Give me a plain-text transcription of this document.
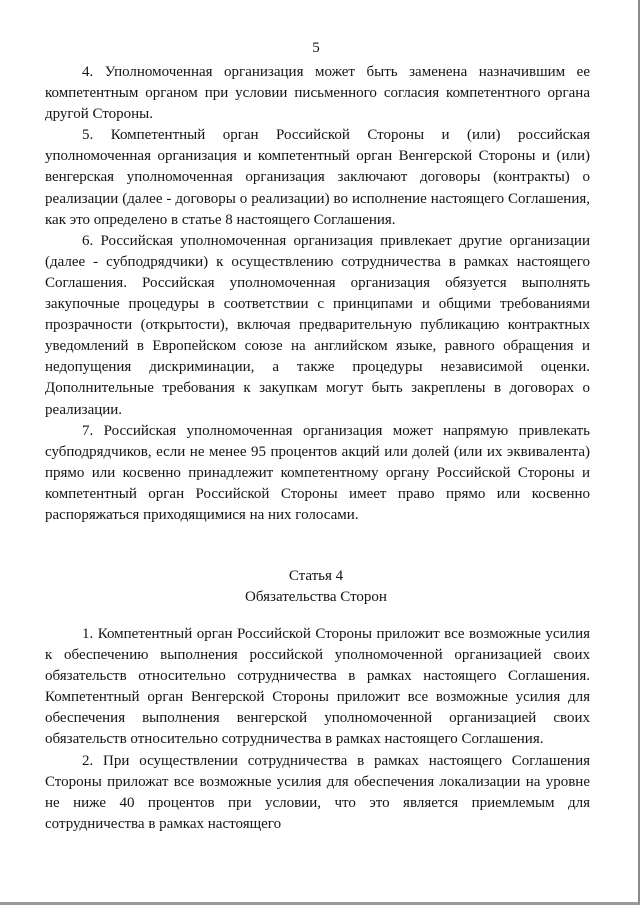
5

4. Уполномоченная организация может быть заменена назначившим ее компетентным органом при условии письменного согласия компетентного органа другой Стороны.

5. Компетентный орган Российской Стороны и (или) российская уполномоченная организация и компетентный орган Венгерской Стороны и (или) венгерская уполномоченная организация заключают договоры (контракты) о реализации (далее - договоры о реализации) во исполнение настоящего Соглашения, как это определено в статье 8 настоящего Соглашения.

6. Российская уполномоченная организация привлекает другие организации (далее - субподрядчики) к осуществлению сотрудничества в рамках настоящего Соглашения. Российская уполномоченная организация обязуется выполнять закупочные процедуры в соответствии с принципами и общими требованиями прозрачности (открытости), включая предварительную публикацию контрактных уведомлений в Европейском союзе на английском языке, равного обращения и недопущения дискриминации, а также процедуры независимой оценки. Дополнительные требования к закупкам могут быть закреплены в договорах о реализации.

7. Российская уполномоченная организация может напрямую привлекать субподрядчиков, если не менее 95 процентов акций или долей (или их эквивалента) прямо или косвенно принадлежит компетентному органу Российской Стороны и компетентный орган Российской Стороны имеет право прямо или косвенно распоряжаться приходящимися на них голосами.

Статья 4
Обязательства Сторон

1. Компетентный орган Российской Стороны приложит все возможные усилия к обеспечению выполнения российской уполномоченной организацией своих обязательств относительно сотрудничества в рамках настоящего Соглашения. Компетентный орган Венгерской Стороны приложит все возможные усилия для обеспечения выполнения венгерской уполномоченной организацией своих обязательств относительно сотрудничества в рамках настоящего Соглашения.

2. При осуществлении сотрудничества в рамках настоящего Соглашения Стороны приложат все возможные усилия для обеспечения локализации на уровне не ниже 40 процентов при условии, что это является приемлемым для сотрудничества в рамках настоящего
